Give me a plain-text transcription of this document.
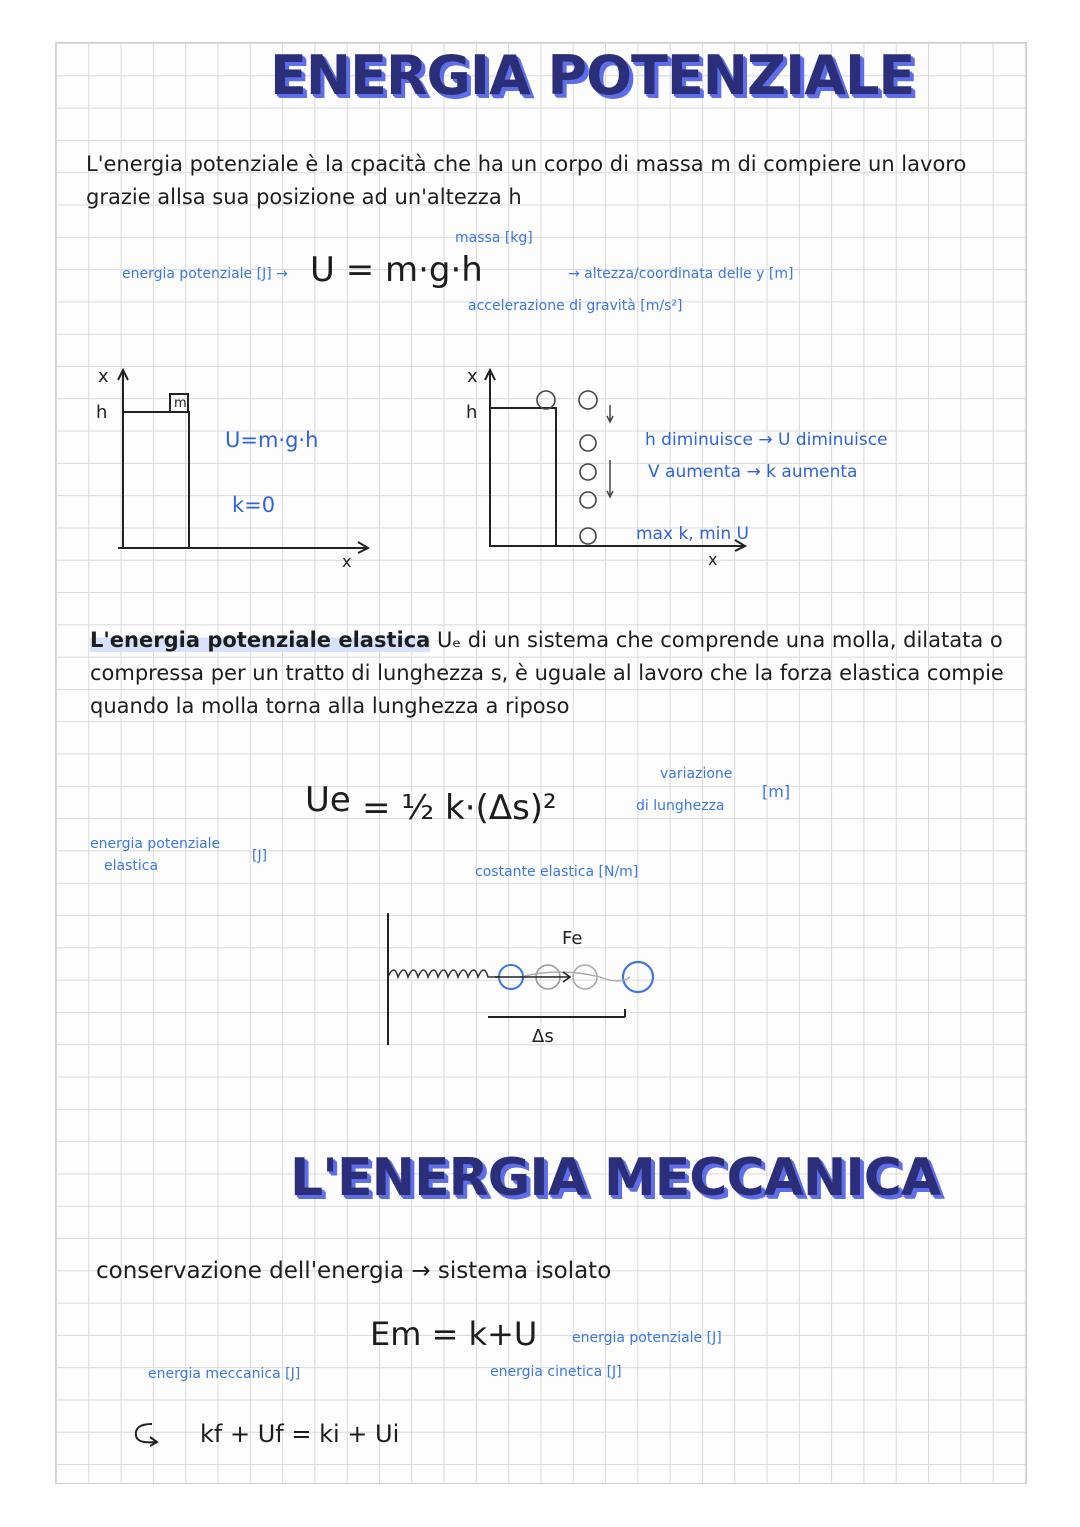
ENERGIA POTENZIALE
L'energia potenziale è la cpacità che ha un corpo di massa m di compiere un lavoro
grazie allsa sua posizione ad un'altezza h
energia potenziale [J] → U = m·g·h
massa [kg]
→ altezza/coordinata delle y [m]
accelerazione di gravità [m/s²]
x
h	m
U=m·g·h
k=0
x
x
h
h diminuisce → U diminuisce
V aumenta → k aumenta
max k, min U
x
L'energia potenziale elastica Uₑ di un sistema che comprende una molla, dilatata o
compressa per un tratto di lunghezza s, è uguale al lavoro che la forza elastica compie
quando la molla torna alla lunghezza a riposo
energia potenziale
elastica
[J]
Ue = ½ k·(Δs)²
variazione
di lunghezza
[m]
costante elastica [N/m]
Fe
Δs
L'ENERGIA MECCANICA
conservazione dell'energia → sistema isolato
Em = k+U energia potenziale [J]
energia cinetica [J]
energia meccanica [J]
kf + Uf = ki + Ui
